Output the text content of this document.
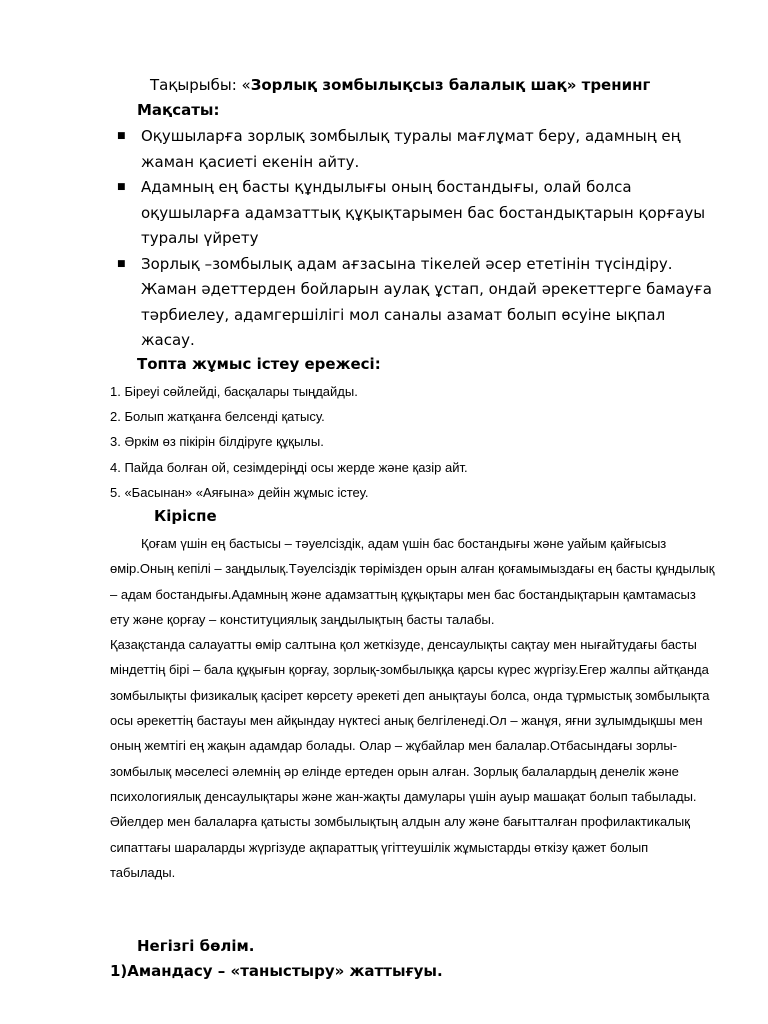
Тақырыбы: «Зорлық зомбылықсыз балалық шақ» тренинг
Мақсаты:
■ Оқушыларға зорлық зомбылық туралы мағлұмат беру, адамның ең жаман қасиеті екенін айту.
■ Адамның ең басты құндылығы оның бостандығы, олай болса оқушыларға адамзаттық құқықтарымен бас бостандықтарын қорғауы туралы үйрету
■ Зорлық –зомбылық адам ағзасына тікелей әсер ететінін түсіндіру. Жаман әдеттерден бойларын аулақ ұстап, ондай әрекеттерге бамауға тәрбиелеу, адамгершілігі мол саналы азамат болып өсуіне ықпал жасау.
Топта жұмыс істеу ережесі:
1. Біреуі сөйлейді, басқалары тыңдайды.
2. Болып жатқанға белсенді қатысу.
3. Әркім өз пікірін білдіруге құқылы.
4. Пайда болған ой, сезімдеріңді осы жерде және қазір айт.
5. «Басынан» «Аяғына» дейін жұмыс істеу.
Кіріспе

Қоғам үшін ең бастысы – тәуелсіздік, адам үшін бас бостандығы және уайым қайғысыз өмір.Оның кепілі – заңдылық.Тәуелсіздік төрімізден орын алған қоғамымыздағы ең басты құндылық – адам бостандығы.Адамның және адамзаттың құқықтары мен бас бостандықтарын қамтамасыз ету және қорғау – конституциялық заңдылықтың басты талабы.

Қазақстанда салауатты өмір салтына қол жеткізуде, денсаулықты сақтау мен нығайтудағы басты міндеттің бірі – бала құқығын қорғау, зорлық-зомбылыққа қарсы күрес жүргізу.Егер жалпы айтқанда зомбылықты физикалық қасірет көрсету әрекеті деп анықтауы болса, онда тұрмыстық зомбылықта осы әрекеттің бастауы мен айқындау нүктесі анық белгіленеді.Ол – жанұя, яғни зұлымдықшы мен оның жемтігі ең жақын адамдар болады. Олар – жұбайлар мен балалар.Отбасындағы зорлы-зомбылық мәселесі әлемнің әр елінде ертеден орын алған. Зорлық балалардың денелік және психологиялық денсаулықтары және жан-жақты дамулары үшін ауыр машақат болып табылады.

Әйелдер мен балаларға қатысты зомбылықтың алдын алу және бағытталған профилактикалық сипаттағы шараларды жүргізуде ақпараттық үгіттеушілік жұмыстарды өткізу қажет болып табылады.

Негізгі бөлім.
1)Амандасу – «таныстыру» жаттығуы.
